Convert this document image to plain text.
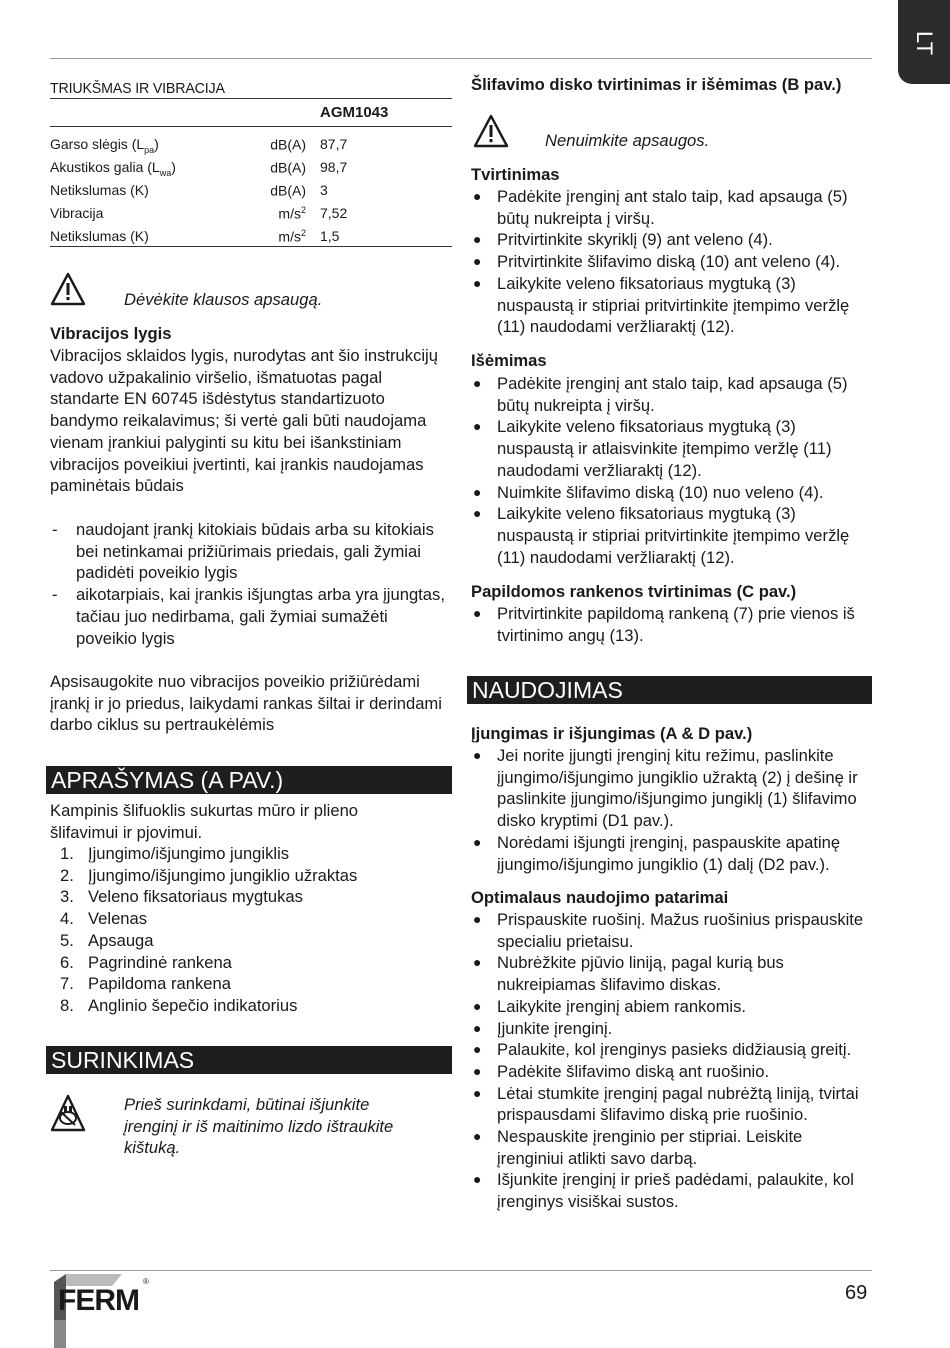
LT
TRIUKŠMAS IR VIBRACIJA
AGM1043
Garso slėgis $(L_{pa})$	dB(A) 87,7
Akustikos galia $(L_{wa})$	dB(A) 98,7
Netikslumas (K)	dB(A) 3
Vibracija	$m/s^2$ 7,52
Netikslumas (K)	$m/s^2$ 1,5
Dėvėkite klausos apsaugą.
Vibracijos lygis
Vibracijos sklaidos lygis, nurodytas ant šio instrukcijų vadovo užpakalinio viršelio, išmatuotas pagal standarte EN 60745 išdėstytus standartizuoto bandymo reikalavimus; ši vertė gali būti naudojama vienam įrankiui palyginti su kitu bei išankstiniam vibracijos poveikiui įvertinti, kai įrankis naudojamas paminėtais būdais
- naudojant įrankį kitokiais būdais arba su kitokiais bei netinkamai prižiūrimais priedais, gali žymiai padidėti poveikio lygis
- aikotarpiais, kai įrankis išjungtas arba yra įjungtas, tačiau juo nedirbama, gali žymiai sumažėti poveikio lygis
Apsisaugokite nuo vibracijos poveikio prižiūrėdami įrankį ir jo priedus, laikydami rankas šiltai ir derindami darbo ciklus su pertraukėlėmis
APRAŠYMAS (A PAV.)
Kampinis šlifuoklis sukurtas mūro ir plieno šlifavimui ir pjovimui.
1. Įjungimo/išjungimo jungiklis
2. Įjungimo/išjungimo jungiklio užraktas
3. Veleno fiksatoriaus mygtukas
4. Velenas
5. Apsauga
6. Pagrindinė rankena
7. Papildoma rankena
8. Anglinio šepečio indikatorius
SURINKIMAS
Prieš surinkdami, būtinai išjunkite įrenginį ir iš maitinimo lizdo ištraukite kištuką.
Šlifavimo disko tvirtinimas ir išėmimas (B pav.)
Nenuimkite apsaugos.
Tvirtinimas
● Padėkite įrenginį ant stalo taip, kad apsauga (5) būtų nukreipta į viršų.
● Pritvirtinkite skyriklį (9) ant veleno (4).
● Pritvirtinkite šlifavimo diską (10) ant veleno (4).
● Laikykite veleno fiksatoriaus mygtuką (3) nuspaustą ir stipriai pritvirtinkite įtempimo veržlę (11) naudodami veržliaraktį (12).
Išėmimas
● Padėkite įrenginį ant stalo taip, kad apsauga (5) būtų nukreipta į viršų.
● Laikykite veleno fiksatoriaus mygtuką (3) nuspaustą ir atlaisvinkite įtempimo veržlę (11) naudodami veržliaraktį (12).
● Nuimkite šlifavimo diską (10) nuo veleno (4).
● Laikykite veleno fiksatoriaus mygtuką (3) nuspaustą ir stipriai pritvirtinkite įtempimo veržlę (11) naudodami veržliaraktį (12).
Papildomos rankenos tvirtinimas (C pav.)
● Pritvirtinkite papildomą rankeną (7) prie vienos iš tvirtinimo angų (13).
NAUDOJIMAS
Įjungimas ir išjungimas (A & D pav.)
● Jei norite įjungti įrenginį kitu režimu, paslinkite įjungimo/išjungimo jungiklio užraktą (2) į dešinę ir paslinkite įjungimo/išjungimo jungiklį (1) šlifavimo disko kryptimi (D1 pav.).
● Norėdami išjungti įrenginį, paspauskite apatinę įjungimo/išjungimo jungiklio (1) dalį (D2 pav.).
Optimalaus naudojimo patarimai
● Prispauskite ruošinį. Mažus ruošinius prispauskite specialiu prietaisu.
● Nubrėžkite pjūvio liniją, pagal kurią bus nukreipiamas šlifavimo diskas.
● Laikykite įrenginį abiem rankomis.
● Įjunkite įrenginį.
● Palaukite, kol įrenginys pasieks didžiausią greitį.
● Padėkite šlifavimo diską ant ruošinio.
● Lėtai stumkite įrenginį pagal nubrėžtą liniją, tvirtai prispausdami šlifavimo diską prie ruošinio.
● Nespauskite įrenginio per stipriai. Leiskite įrenginiui atlikti savo darbą.
● Išjunkite įrenginį ir prieš padėdami, palaukite, kol įrenginys visiškai sustos.
FERM
®
69
